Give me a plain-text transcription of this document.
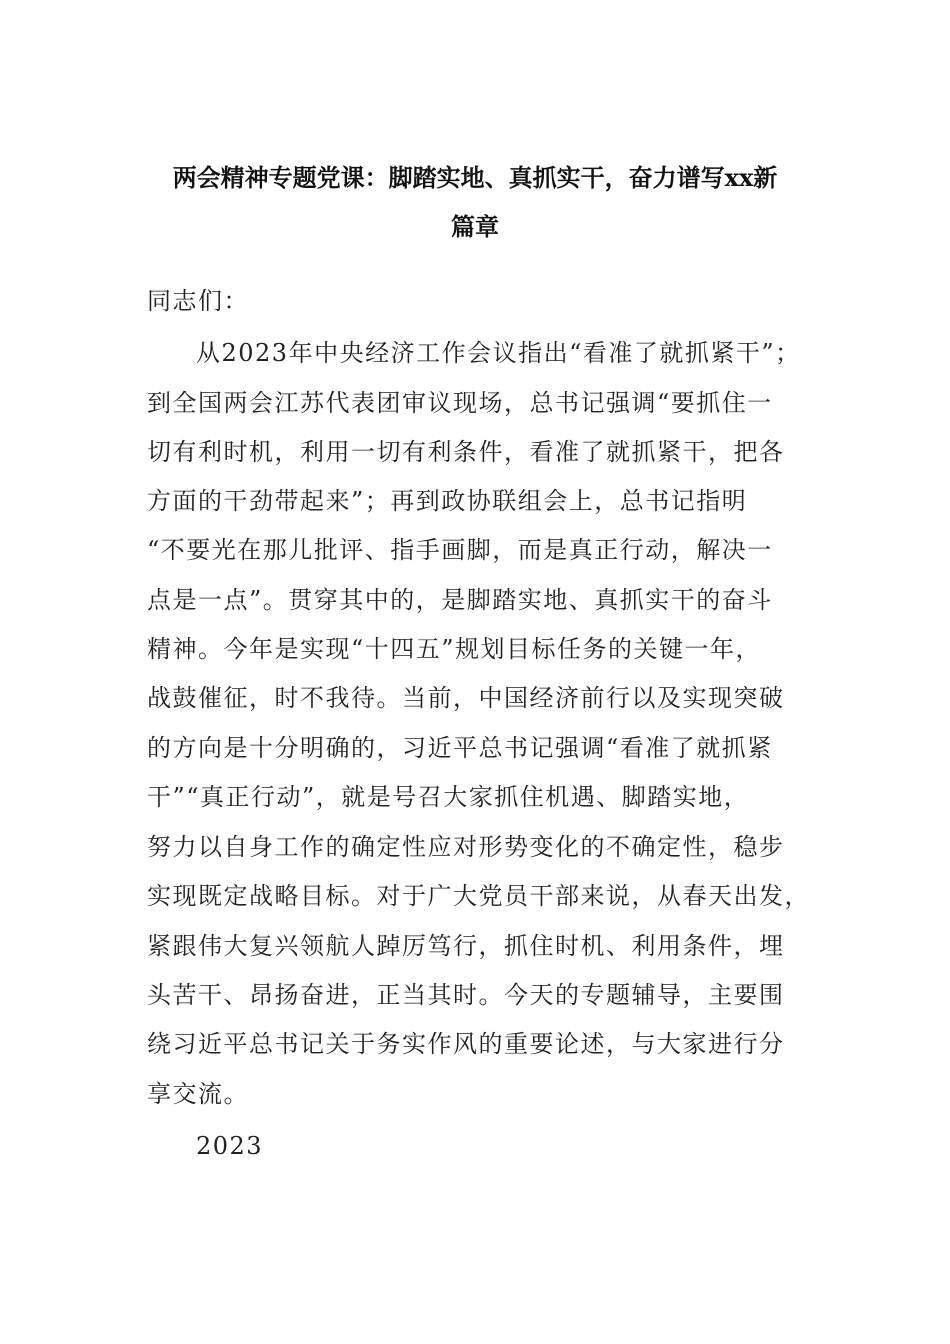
两会精神专题党课：脚踏实地、真抓实干，奋力谱写xx新
篇章
同志们：
从2023年中央经济工作会议指出“看准了就抓紧干”；
到全国两会江苏代表团审议现场，总书记强调“要抓住一
切有利时机，利用一切有利条件，看准了就抓紧干，把各
方面的干劲带起来”；再到政协联组会上，总书记指明
“不要光在那儿批评、指手画脚，而是真正行动，解决一
点是一点”。贯穿其中的，是脚踏实地、真抓实干的奋斗
精神。今年是实现“十四五”规划目标任务的关键一年，
战鼓催征，时不我待。当前，中国经济前行以及实现突破
的方向是十分明确的，习近平总书记强调“看准了就抓紧
干”“真正行动”，就是号召大家抓住机遇、脚踏实地，
努力以自身工作的确定性应对形势变化的不确定性，稳步
实现既定战略目标。对于广大党员干部来说，从春天出发，
紧跟伟大复兴领航人踔厉笃行，抓住时机、利用条件，埋
头苦干、昂扬奋进，正当其时。今天的专题辅导，主要围
绕习近平总书记关于务实作风的重要论述，与大家进行分
享交流。
2023
